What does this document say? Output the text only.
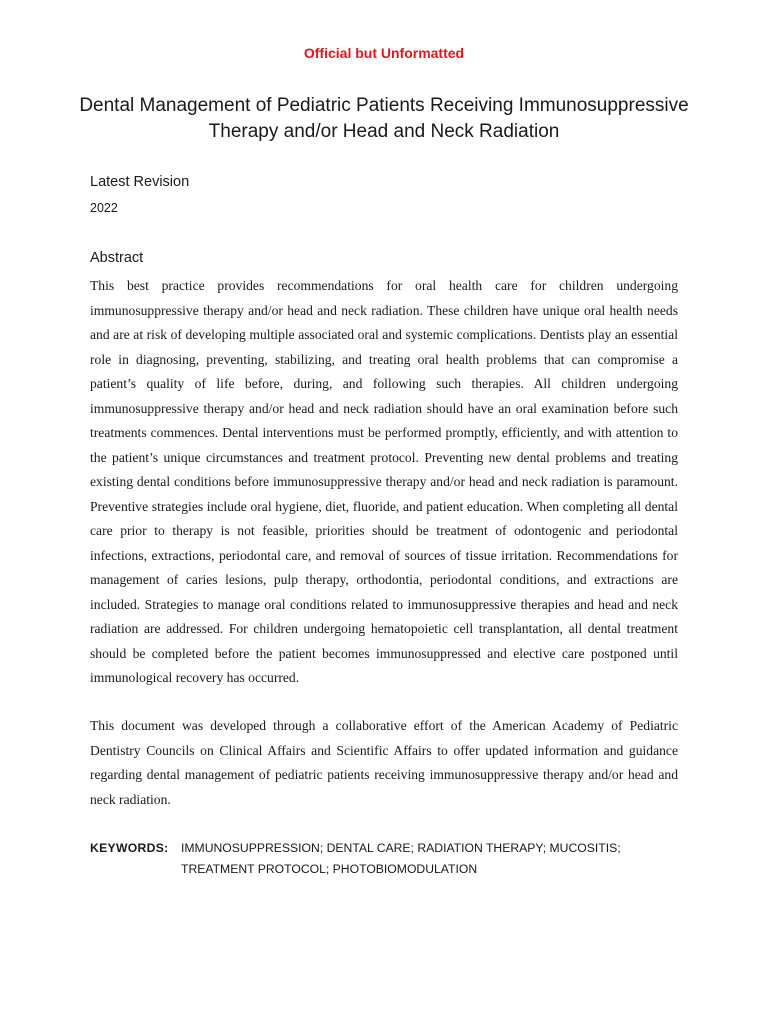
Official but Unformatted
Dental Management of Pediatric Patients Receiving Immunosuppressive Therapy and/or Head and Neck Radiation
Latest Revision
2022
Abstract

This best practice provides recommendations for oral health care for children undergoing immunosuppressive therapy and/or head and neck radiation. These children have unique oral health needs and are at risk of developing multiple associated oral and systemic complications. Dentists play an essential role in diagnosing, preventing, stabilizing, and treating oral health problems that can compromise a patient’s quality of life before, during, and following such therapies. All children undergoing immunosuppressive therapy and/or head and neck radiation should have an oral examination before such treatments commences. Dental interventions must be performed promptly, efficiently, and with attention to the patient’s unique circumstances and treatment protocol. Preventing new dental problems and treating existing dental conditions before immunosuppressive therapy and/or head and neck radiation is paramount. Preventive strategies include oral hygiene, diet, fluoride, and patient education. When completing all dental care prior to therapy is not feasible, priorities should be treatment of odontogenic and periodontal infections, extractions, periodontal care, and removal of sources of tissue irritation. Recommendations for management of caries lesions, pulp therapy, orthodontia, periodontal conditions, and extractions are included. Strategies to manage oral conditions related to immunosuppressive therapies and head and neck radiation are addressed. For children undergoing hematopoietic cell transplantation, all dental treatment should be completed before the patient becomes immunosuppressed and elective care postponed until immunological recovery has occurred.

This document was developed through a collaborative effort of the American Academy of Pediatric Dentistry Councils on Clinical Affairs and Scientific Affairs to offer updated information and guidance regarding dental management of pediatric patients receiving immunosuppressive therapy and/or head and neck radiation.

KEYWORDS:	IMMUNOSUPPRESSION; DENTAL CARE; RADIATION THERAPY; MUCOSITIS; TREATMENT PROTOCOL; PHOTOBIOMODULATION
